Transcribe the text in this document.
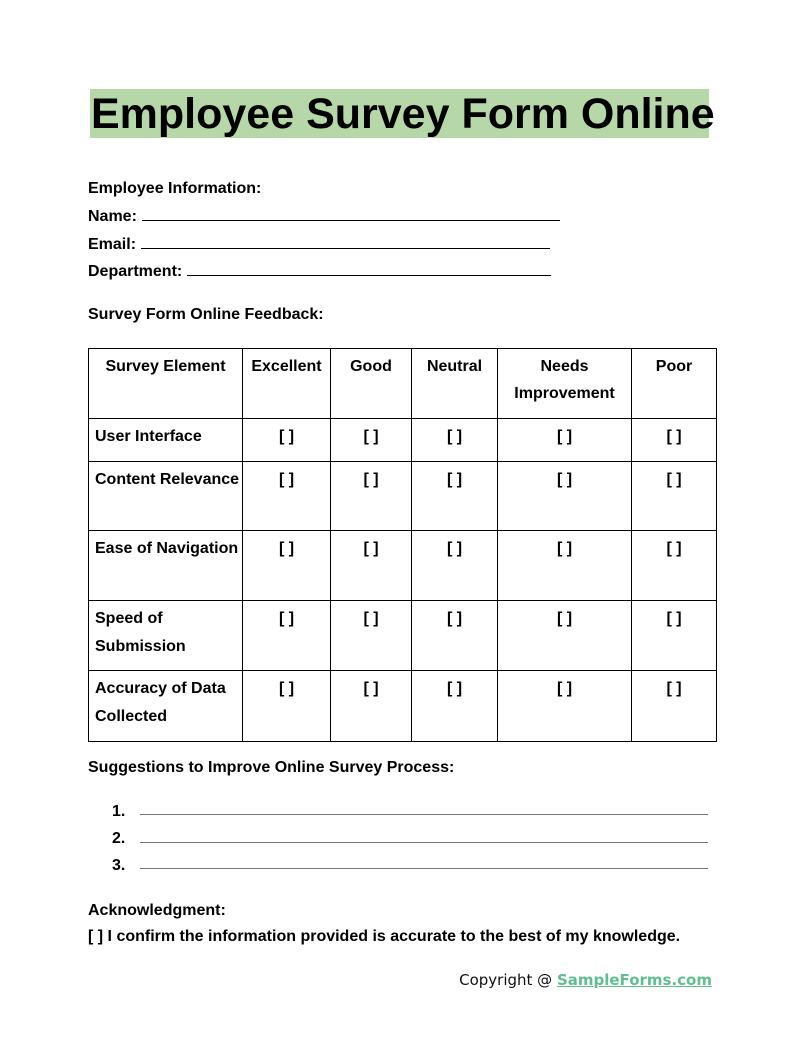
Employee Survey Form Online
Employee Information:
Name:
Email:
Department:
Survey Form Online Feedback:
Survey Element	Excellent	Good	Neutral	Needs Improvement	Poor
User Interface	[ ]	[ ]	[ ]	[ ]	[ ]
Content Relevance	[ ]	[ ]	[ ]	[ ]	[ ]
Ease of Navigation	[ ]	[ ]	[ ]	[ ]	[ ]
Speed of Submission	[ ]	[ ]	[ ]	[ ]	[ ]
Accuracy of Data Collected	[ ]	[ ]	[ ]	[ ]	[ ]
Suggestions to Improve Online Survey Process:
1.
2.
3.
Acknowledgment:
[ ] I confirm the information provided is accurate to the best of my knowledge.
Copyright @ SampleForms.com
